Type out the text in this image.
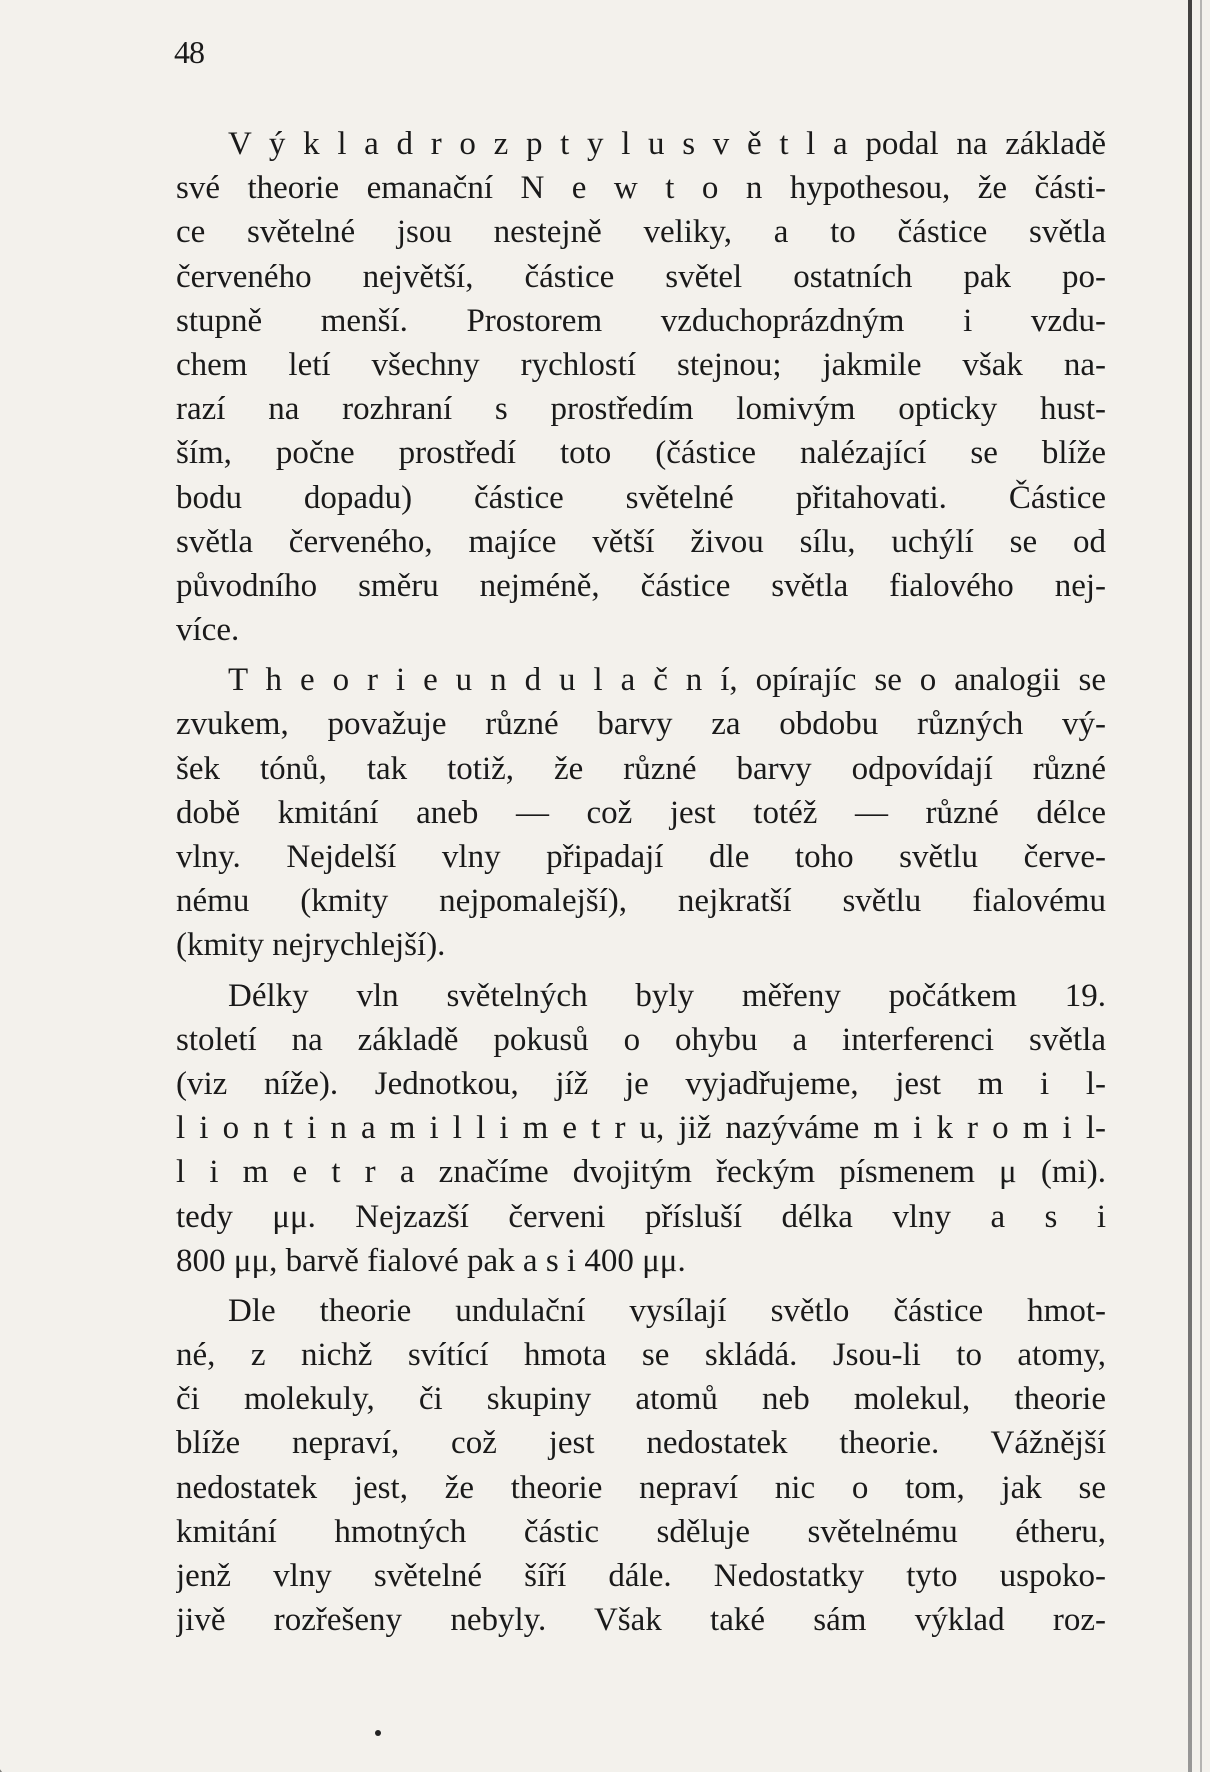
48
V ý k l a d r o z p t y l u s v ě t l a podal na základě
své theorie emanační N e w t o n hypothesou, že části-
ce světelné jsou nestejně veliky, a to částice světla
červeného největší, částice světel ostatních pak po-
stupně menší. Prostorem vzduchoprázdným i vzdu-
chem letí všechny rychlostí stejnou; jakmile však na-
razí na rozhraní s prostředím lomivým opticky hust-
ším, počne prostředí toto (částice nalézající se blíže
bodu dopadu) částice světelné přitahovati. Částice
světla červeného, majíce větší živou sílu, uchýlí se od
původního směru nejméně, částice světla fialového nej-
více.
T h e o r i e u n d u l a č n í, opírajíc se o analogii se
zvukem, považuje různé barvy za obdobu různých vý-
šek tónů, tak totiž, že různé barvy odpovídají různé
době kmitání aneb — což jest totéž — různé délce
vlny. Nejdelší vlny připadají dle toho světlu červe-
nému (kmity nejpomalejší), nejkratší světlu fialovému
(kmity nejrychlejší).
Délky vln světelných byly měřeny počátkem 19.
století na základě pokusů o ohybu a interferenci světla
(viz níže). Jednotkou, jíž je vyjadřujeme, jest m i l-
l i o n t i n a m i l l i m e t r u, již nazýváme m i k r o m i l-
l i m e t r a značíme dvojitým řeckým písmenem μ (mi).
tedy μμ. Nejzazší červeni přísluší délka vlny a s i
800 μμ, barvě fialové pak a s i 400 μμ.
Dle theorie undulační vysílají světlo částice hmot-
né, z nichž svítící hmota se skládá. Jsou-li to atomy,
či molekuly, či skupiny atomů neb molekul, theorie
blíže nepraví, což jest nedostatek theorie. Vážnější
nedostatek jest, že theorie nepraví nic o tom, jak se
kmitání hmotných částic sděluje světelnému étheru,
jenž vlny světelné šíří dále. Nedostatky tyto uspoko-
jivě rozřešeny nebyly. Však také sám výklad roz-
